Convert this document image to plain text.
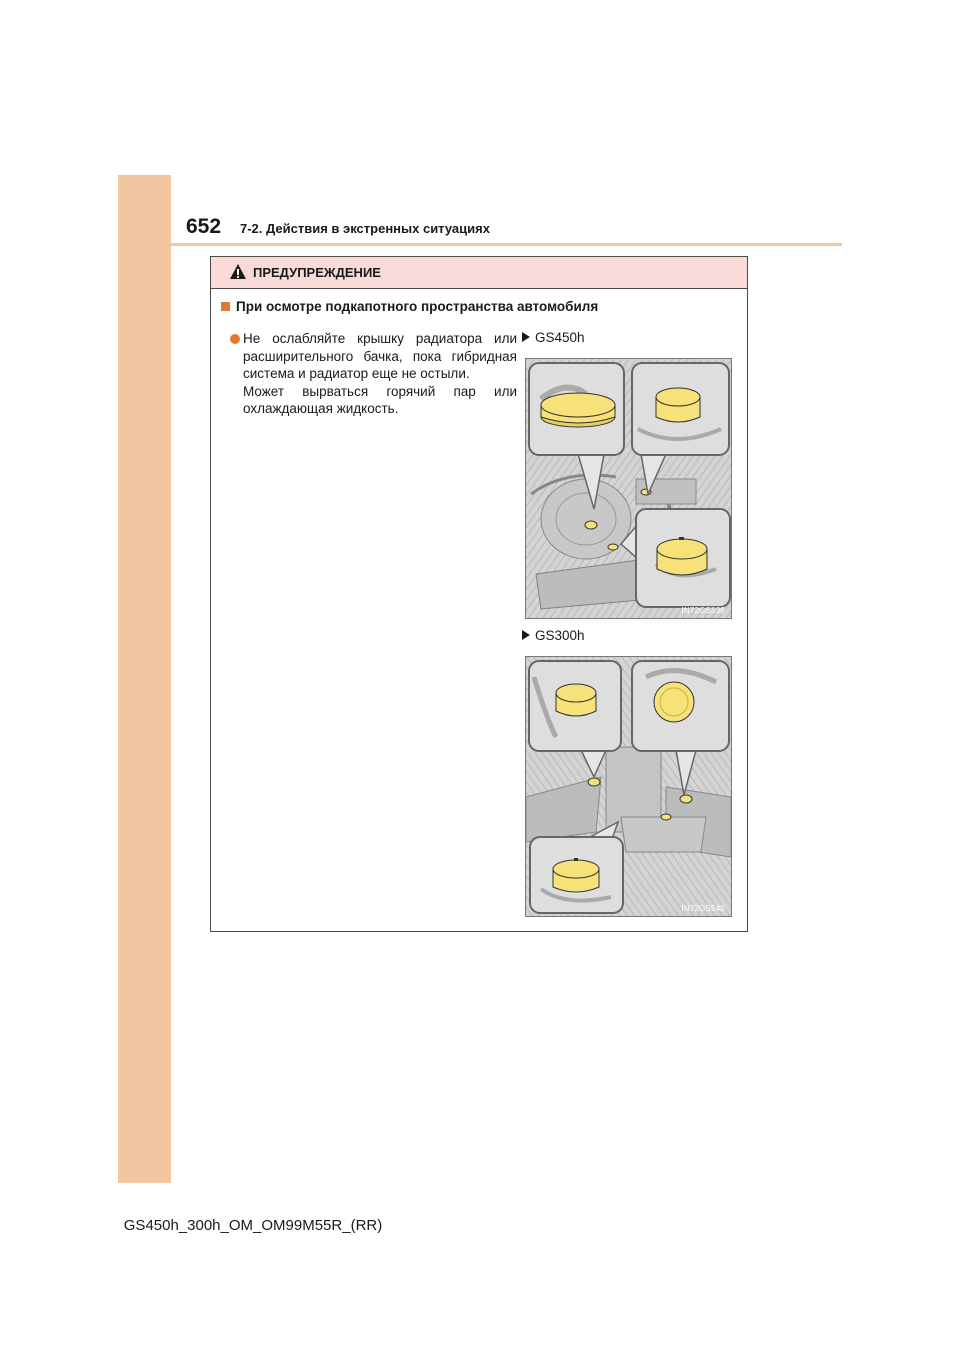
652 7-2. Действия в экстренных ситуациях
ПРЕДУПРЕЖДЕНИЕ
При осмотре подкапотного пространства автомобиля

Не ослабляйте крышку радиатора или расширительного бачка, пока гибридная система и радиатор еще не остыли.

Может вырваться горячий пар или охлаждающая жидкость.

GS450h
IN72GS538
GS300h
IN72GS540
GS450h_300h_OM_OM99M55R_(RR)
